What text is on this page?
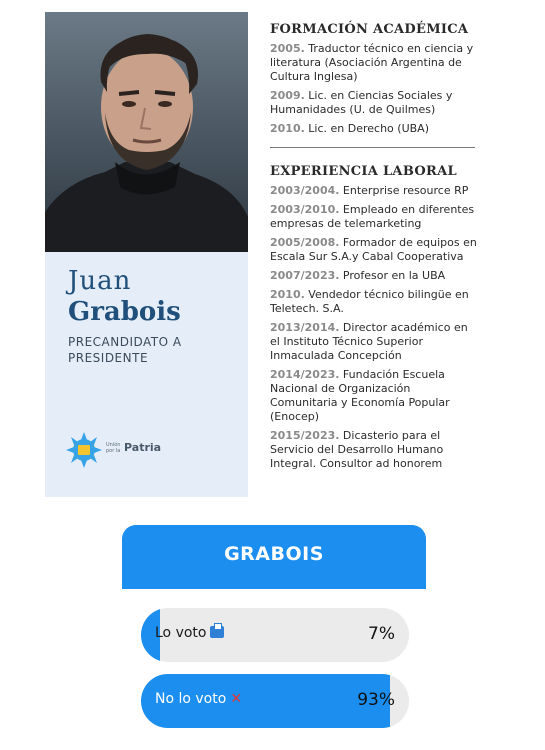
Juan
Grabois
PRECANDIDATO A PRESIDENTE
Unión por la Patria
FORMACIÓN ACADÉMICA
2005. Traductor técnico en ciencia y literatura (Asociación Argentina de Cultura Inglesa)
2009. Lic. en Ciencias Sociales y Humanidades (U. de Quilmes)
2010. Lic. en Derecho (UBA)
EXPERIENCIA LABORAL
2003/2004. Enterprise resource RP
2003/2010. Empleado en diferentes empresas de telemarketing
2005/2008. Formador de equipos en Escala Sur S.A.y Cabal Cooperativa
2007/2023. Profesor en la UBA
2010. Vendedor técnico bilingüe en Teletech. S.A.
2013/2014. Director académico en el Instituto Técnico Superior Inmaculada Concepción
2014/2023. Fundación Escuela Nacional de Organización Comunitaria y Economía Popular (Enocep)
2015/2023. Dicasterio para el Servicio del Desarrollo Humano Integral. Consultor ad honorem
GRABOIS
Lo voto	7%
No lo voto ✕	93%
